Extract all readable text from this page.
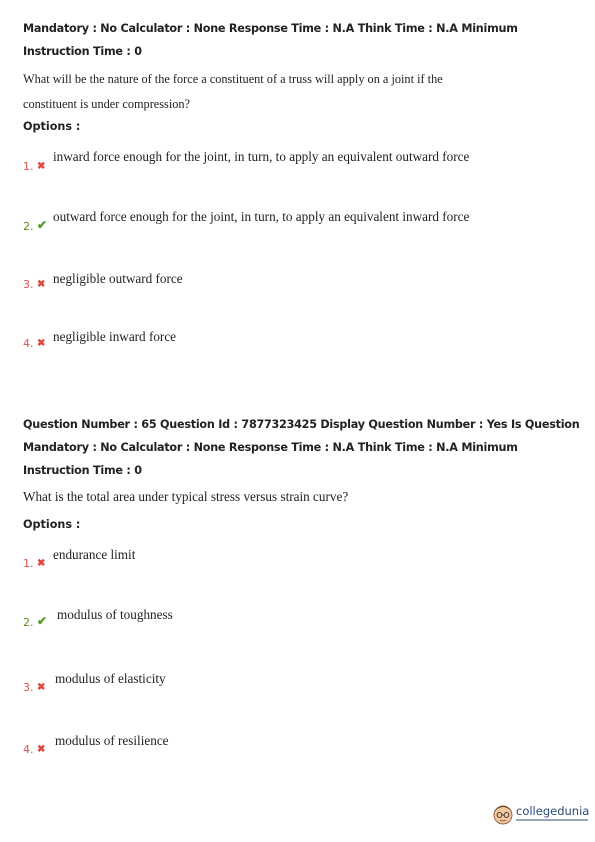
Mandatory : No Calculator : None Response Time : N.A Think Time : N.A Minimum Instruction Time : 0
What will be the nature of the force a constituent of a truss will apply on a joint if the constituent is under compression?
Options :
1. ✖
inward force enough for the joint, in turn, to apply an equivalent outward force
2. ✔
outward force enough for the joint, in turn, to apply an equivalent inward force
3. ✖ negligible outward force
4. ✖ negligible inward force
Question Number : 65 Question Id : 7877323425 Display Question Number : Yes Is Question Mandatory : No Calculator : None Response Time : N.A Think Time : N.A Minimum Instruction Time : 0
What is the total area under typical stress versus strain curve?
Options :
1. ✖
endurance limit
2. ✔ modulus of toughness
3. ✖
modulus of elasticity
4. ✖
modulus of resilience
collegedunia
